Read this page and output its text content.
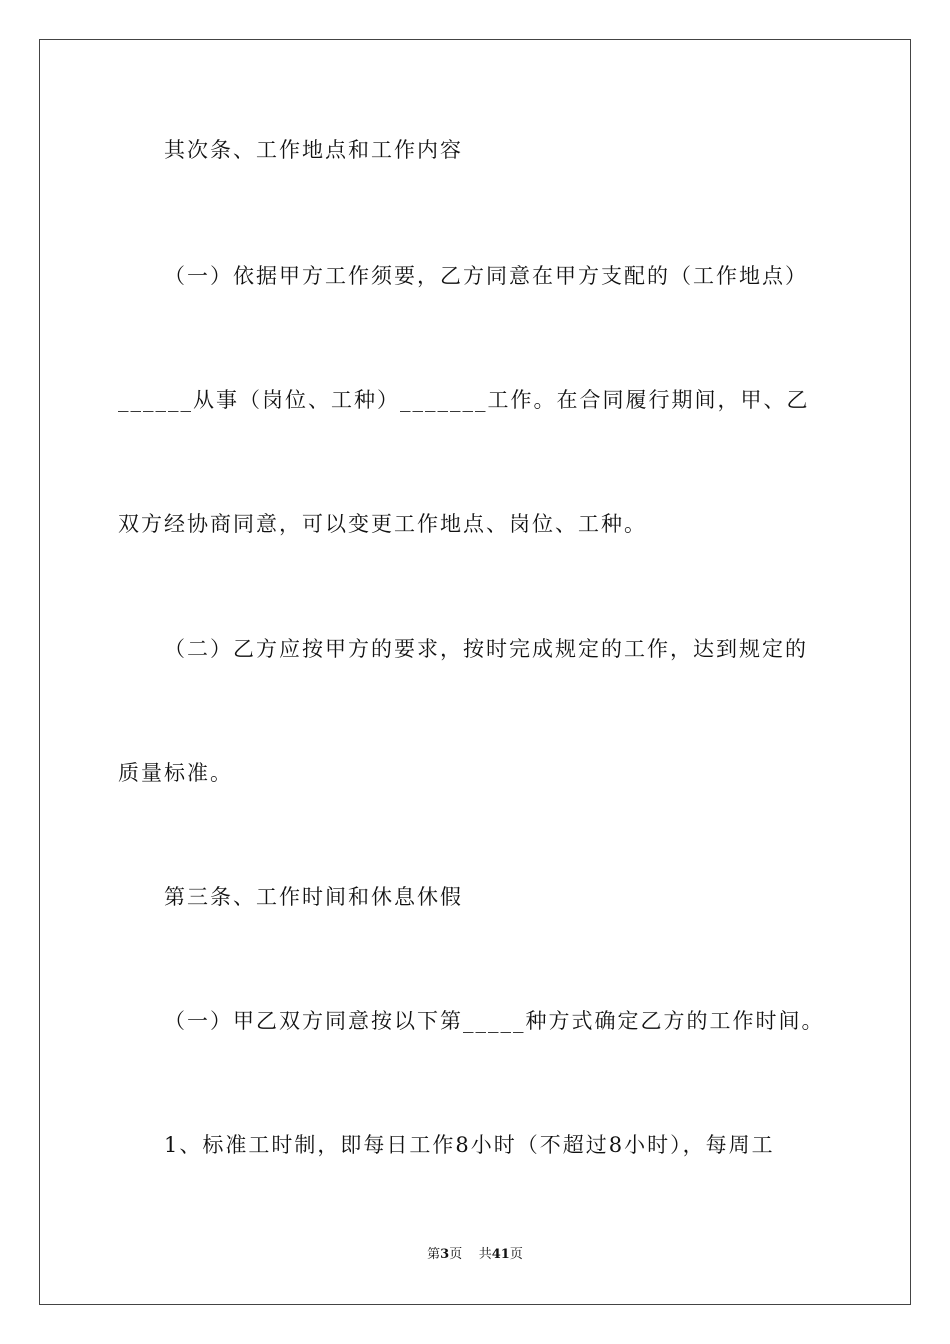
其次条、工作地点和工作内容
（一）依据甲方工作须要，乙方同意在甲方支配的（工作地点）
______从事（岗位、工种）_______工作。在合同履行期间，甲、乙
双方经协商同意，可以变更工作地点、岗位、工种。
（二）乙方应按甲方的要求，按时完成规定的工作，达到规定的
质量标准。
第三条、工作时间和休息休假
（一）甲乙双方同意按以下第_____种方式确定乙方的工作时间。
1、标准工时制，即每日工作8小时（不超过8小时），每周工
第3页 共41页
